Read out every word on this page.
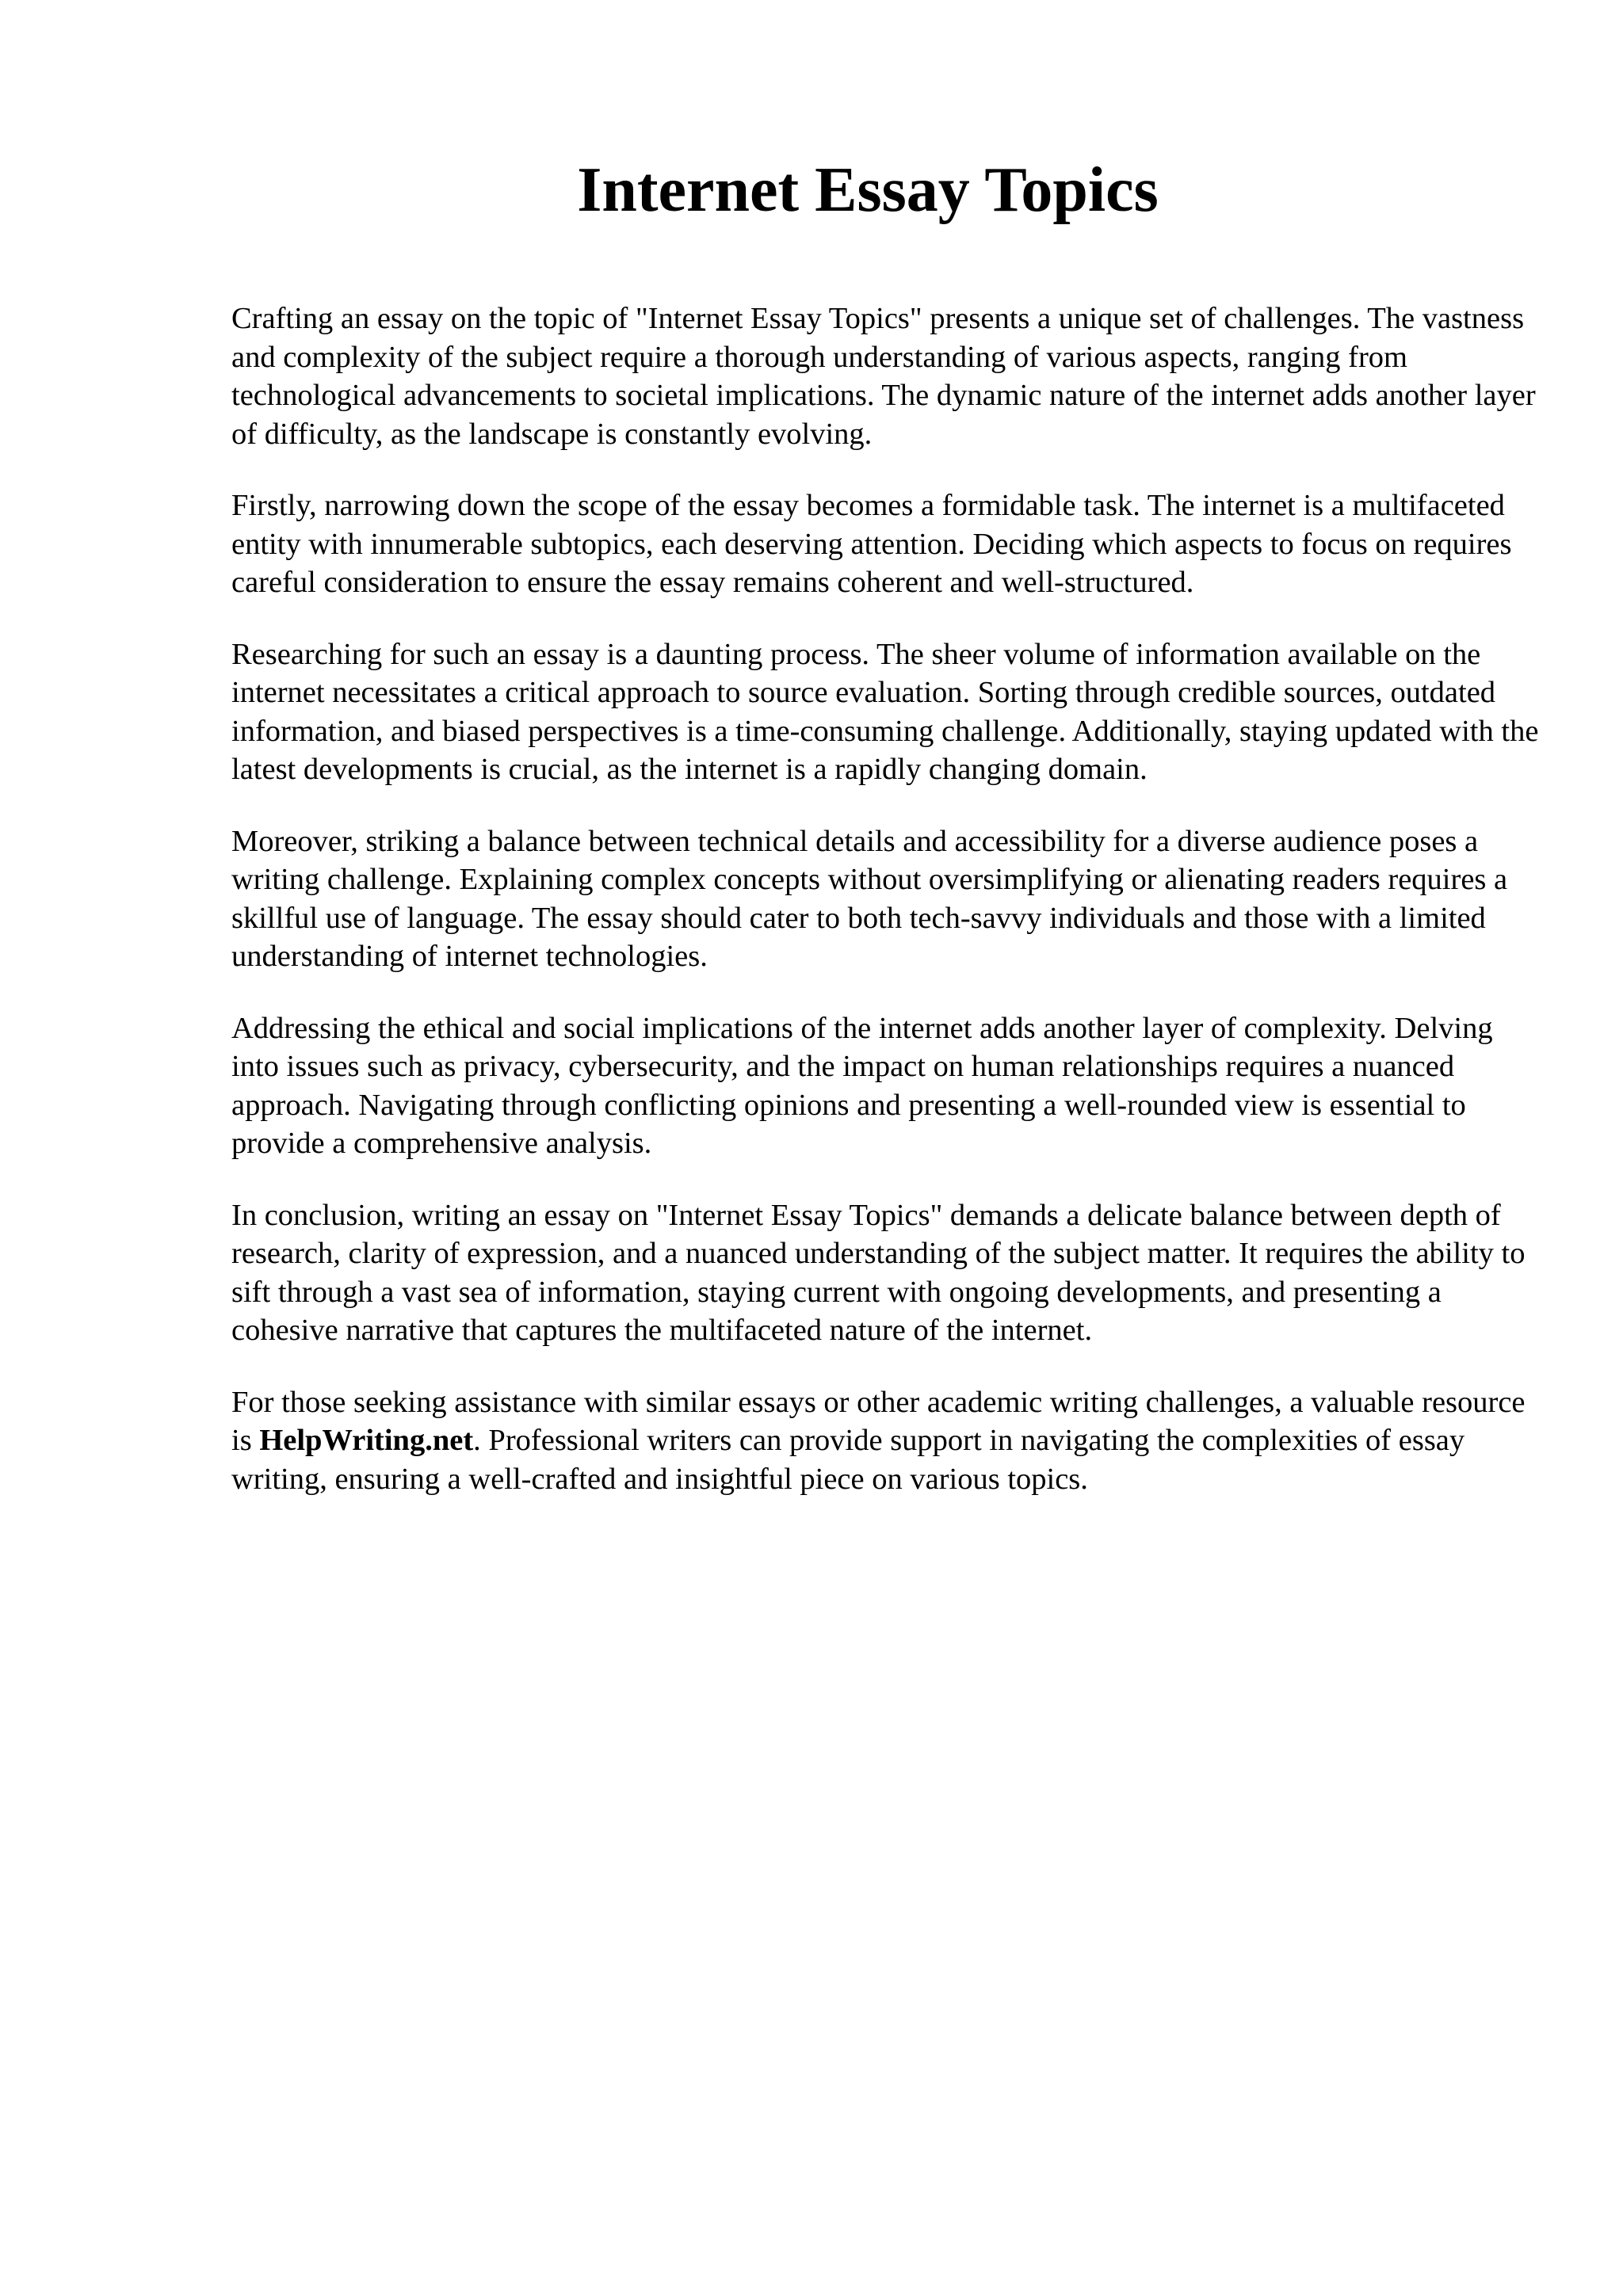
Internet Essay Topics

Crafting an essay on the topic of "Internet Essay Topics" presents a unique set of challenges. The vastness and complexity of the subject require a thorough understanding of various aspects, ranging from technological advancements to societal implications. The dynamic nature of the internet adds another layer of difficulty, as the landscape is constantly evolving.

Firstly, narrowing down the scope of the essay becomes a formidable task. The internet is a multifaceted entity with innumerable subtopics, each deserving attention. Deciding which aspects to focus on requires careful consideration to ensure the essay remains coherent and well-structured.

Researching for such an essay is a daunting process. The sheer volume of information available on the internet necessitates a critical approach to source evaluation. Sorting through credible sources, outdated information, and biased perspectives is a time-consuming challenge. Additionally, staying updated with the latest developments is crucial, as the internet is a rapidly changing domain.

Moreover, striking a balance between technical details and accessibility for a diverse audience poses a writing challenge. Explaining complex concepts without oversimplifying or alienating readers requires a skillful use of language. The essay should cater to both tech-savvy individuals and those with a limited understanding of internet technologies.

Addressing the ethical and social implications of the internet adds another layer of complexity. Delving into issues such as privacy, cybersecurity, and the impact on human relationships requires a nuanced approach. Navigating through conflicting opinions and presenting a well-rounded view is essential to provide a comprehensive analysis.

In conclusion, writing an essay on "Internet Essay Topics" demands a delicate balance between depth of research, clarity of expression, and a nuanced understanding of the subject matter. It requires the ability to sift through a vast sea of information, staying current with ongoing developments, and presenting a cohesive narrative that captures the multifaceted nature of the internet.

For those seeking assistance with similar essays or other academic writing challenges, a valuable resource is HelpWriting.net. Professional writers can provide support in navigating the complexities of essay writing, ensuring a well-crafted and insightful piece on various topics.
